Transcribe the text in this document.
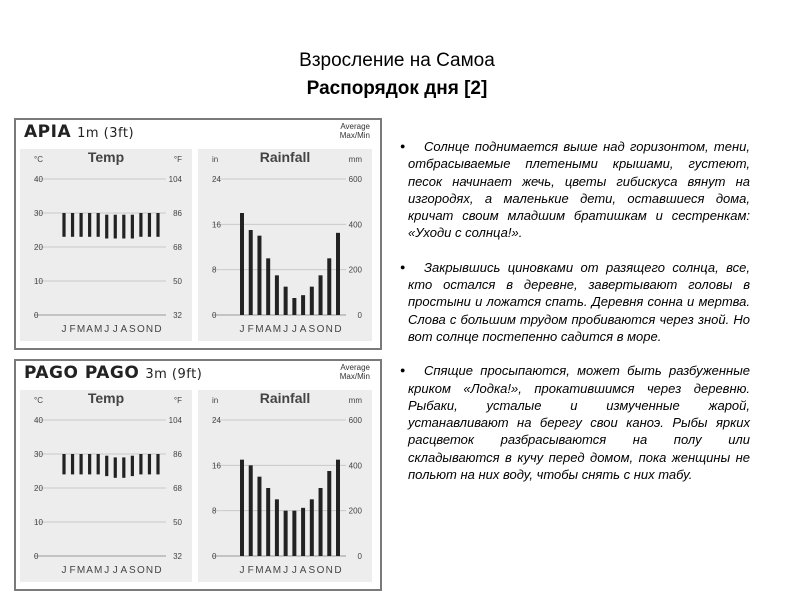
Взросление на Самоа
Распорядок дня [2]
APIA 1m (3ft)	Average
Max/Min
Temp
°C	°F
40	104
30	86
20	68
10	50
0	32
J F M A M J J A S O N D
Rainfall
in	mm
24	600
16	400
8	200
0	0
J F M A M J J A S O N D
PAGO PAGO 3m (9ft)	Average
Max/Min
Temp
°C	°F
40	104
30	86
20	68
10	50
0	32
J F M A M J J A S O N D
Rainfall
in	mm
24	600
16	400
8	200
0	0
J F M A M J J A S O N D

● Солнце поднимается выше над горизонтом, тени, отбрасываемые плетеными крышами, густеют, песок начинает жечь, цветы гибискуса вянут на изгородях, а маленькие дети, оставшиеся дома, кричат своим младшим братишкам и сестренкам: «Уходи с солнца!».

● Закрывшись циновками от разящего солнца, все, кто остался в деревне, завертывают головы в простыни и ложатся спать. Деревня сонна и мертва. Слова с большим трудом пробиваются через зной. Но вот солнце постепенно садится в море.

● Спящие просыпаются, может быть разбуженные криком «Лодка!», прокатившимся через деревню. Рыбаки, усталые и измученные жарой, устанавливают на берегу свои каноэ. Рыбы ярких расцветок разбрасываются на полу или складываются в кучу перед домом, пока женщины не польют на них воду, чтобы снять с них табу.
